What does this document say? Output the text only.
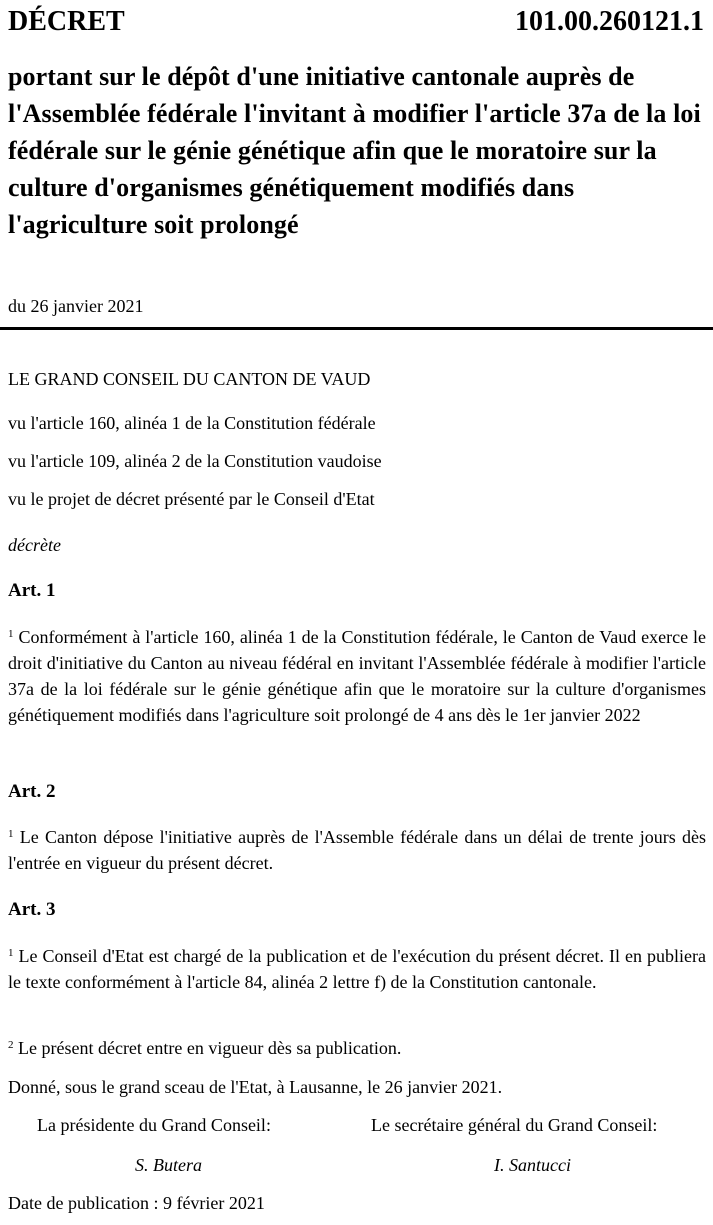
DÉCRET	101.00.260121.1
portant sur le dépôt d'une initiative cantonale auprès de l'Assemblée fédérale l'invitant à modifier l'article 37a de la loi fédérale sur le génie génétique afin que le moratoire sur la culture d'organismes génétiquement modifiés dans l'agriculture soit prolongé
du 26 janvier 2021
LE GRAND CONSEIL DU CANTON DE VAUD
vu l'article 160, alinéa 1 de la Constitution fédérale
vu l'article 109, alinéa 2 de la Constitution vaudoise
vu le projet de décret présenté par le Conseil d'Etat
décrète
Art. 1
$^1$ Conformément à l'article 160, alinéa 1 de la Constitution fédérale, le Canton de Vaud exerce le droit d'initiative du Canton au niveau fédéral en invitant l'Assemblée fédérale à modifier l'article 37a de la loi fédérale sur le génie génétique afin que le moratoire sur la culture d'organismes génétiquement modifiés dans l'agriculture soit prolongé de 4 ans dès le 1er janvier 2022
Art. 2
$^1$ Le Canton dépose l'initiative auprès de l'Assemble fédérale dans un délai de trente jours dès l'entrée en vigueur du présent décret.
Art. 3
$^1$ Le Conseil d'Etat est chargé de la publication et de l'exécution du présent décret. Il en publiera le texte conformément à l'article 84, alinéa 2 lettre f) de la Constitution cantonale.
$^2$ Le présent décret entre en vigueur dès sa publication.
Donné, sous le grand sceau de l'Etat, à Lausanne, le 26 janvier 2021.
La présidente du Grand Conseil:	Le secrétaire général du Grand Conseil:
S. Butera	I. Santucci
Date de publication : 9 février 2021
